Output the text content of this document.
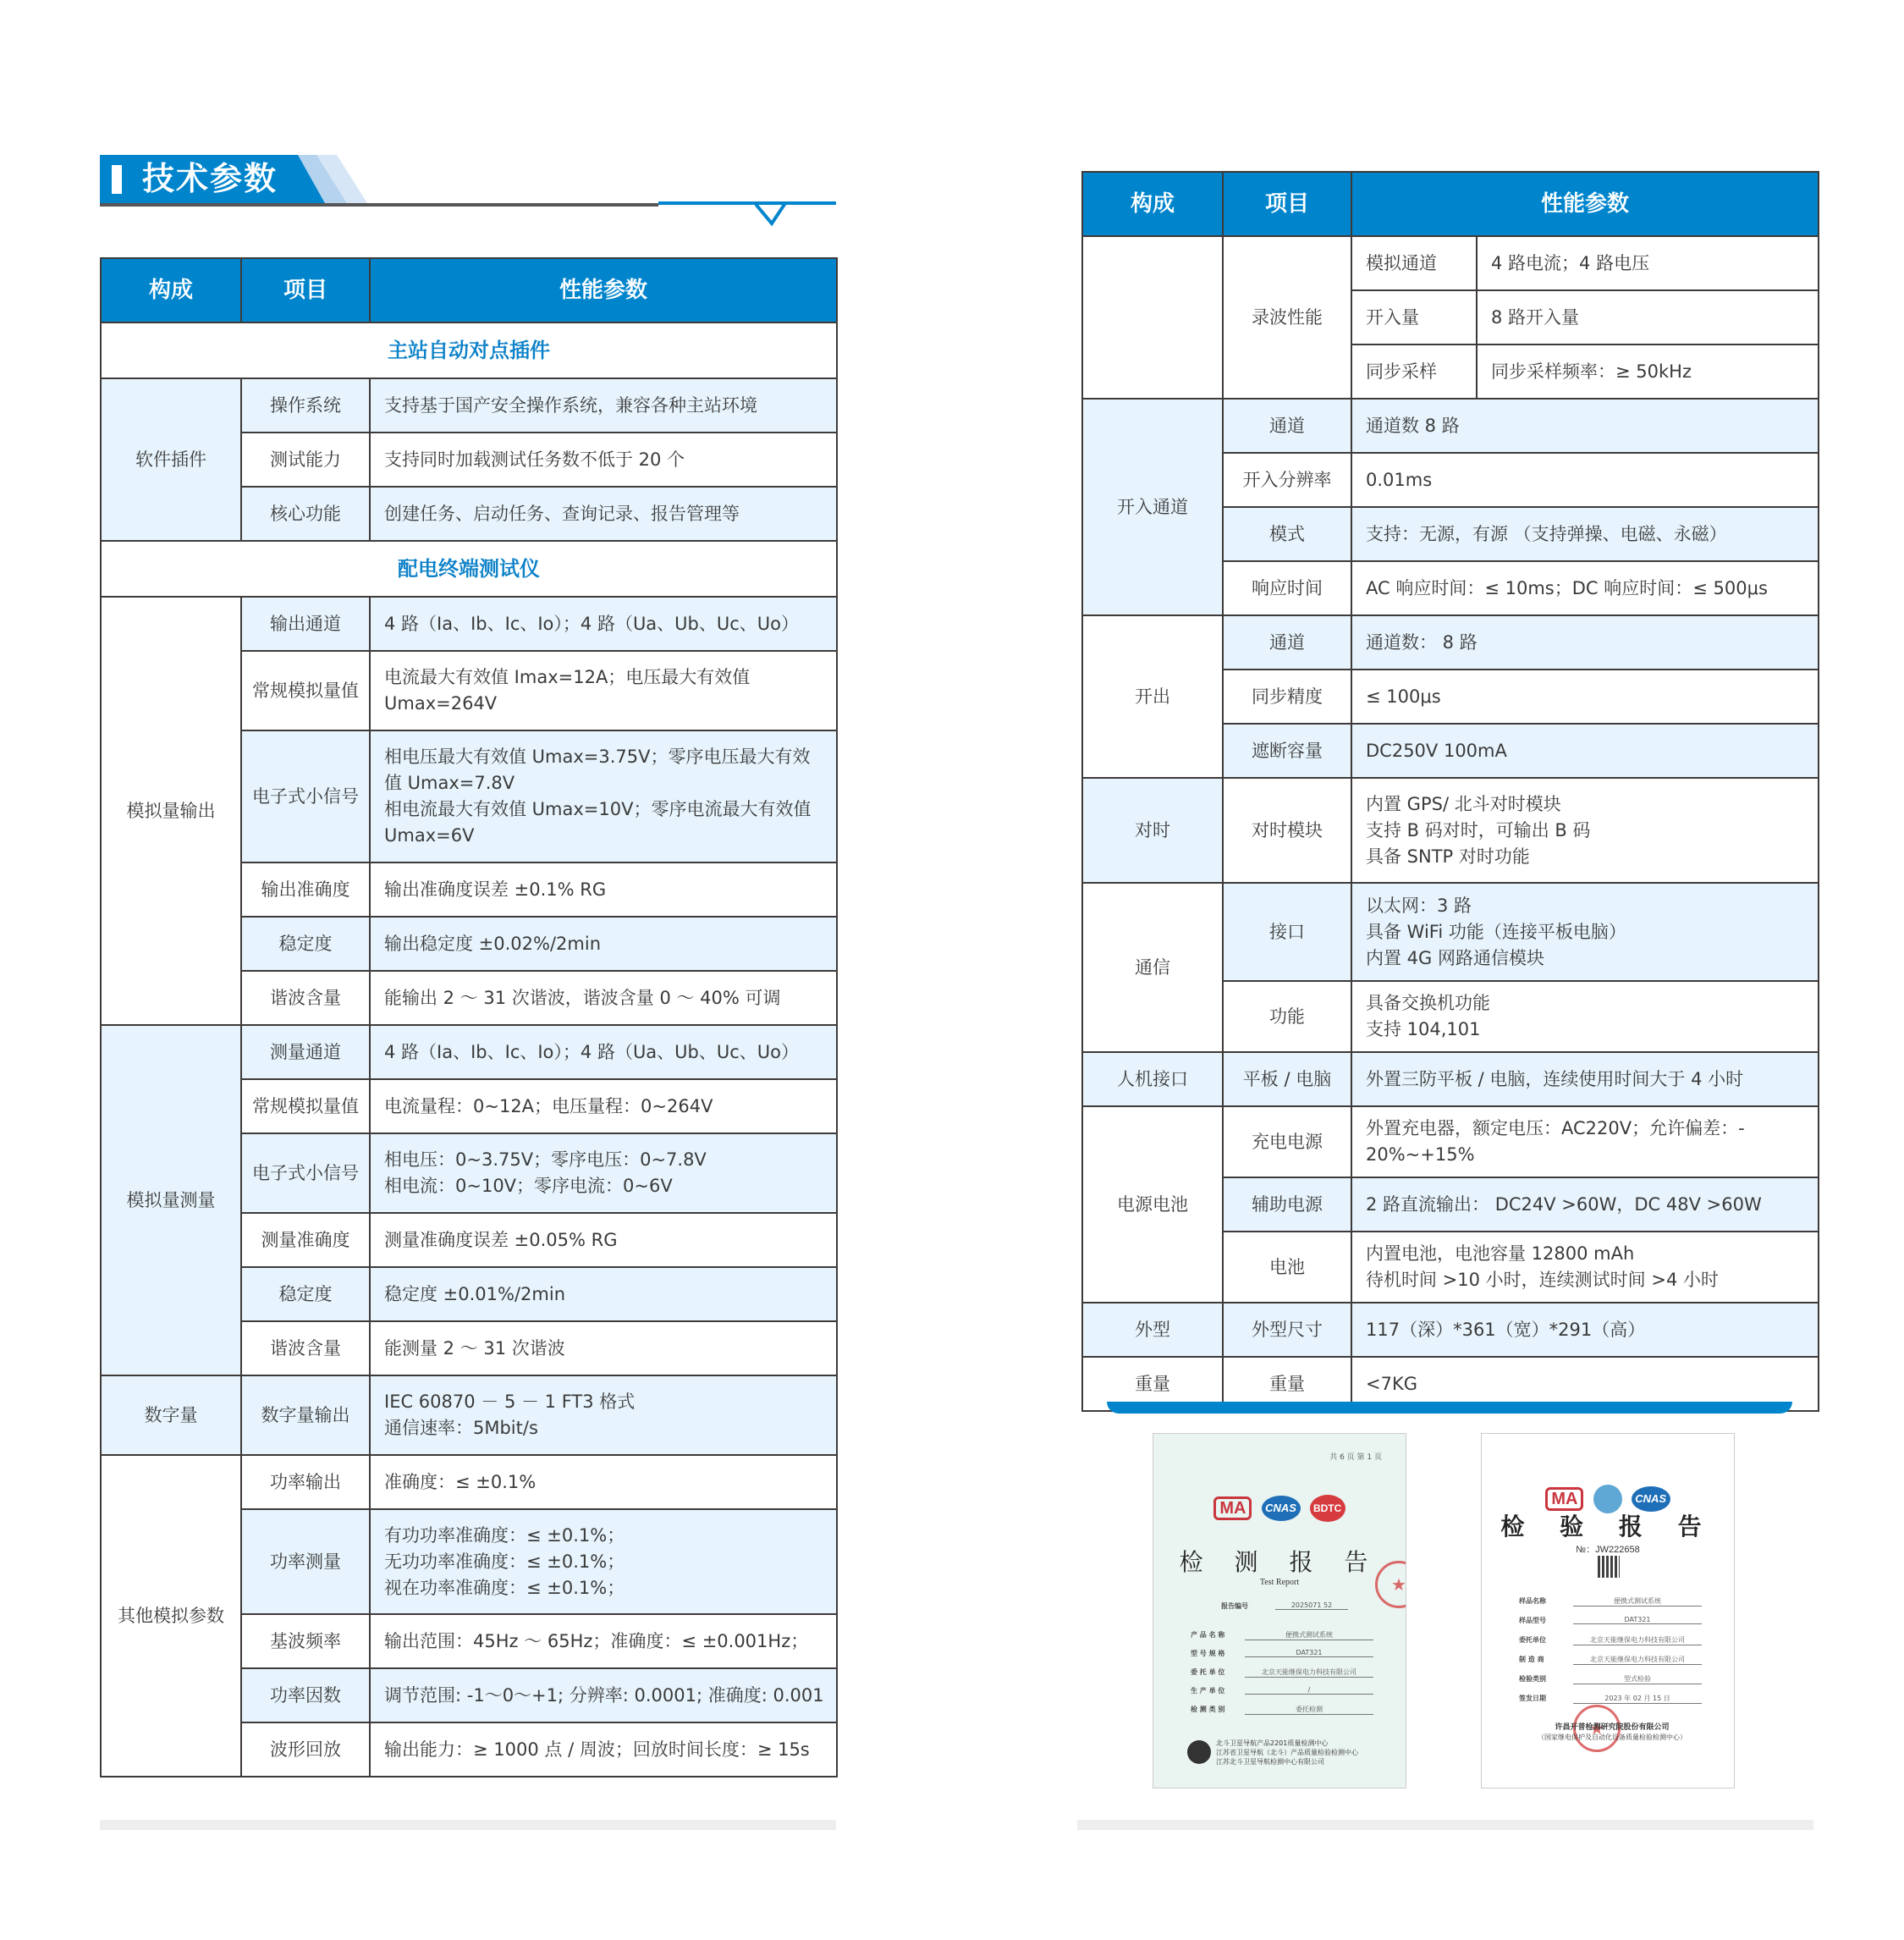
技术参数
构成	项目	性能参数
主站自动对点插件		
软件插件	操作系统	支持基于国产安全操作系统，兼容各种主站环境
	测试能力	支持同时加载测试任务数不低于 20 个
	核心功能	创建任务、启动任务、查询记录、报告管理等
配电终端测试仪		
模拟量输出	输出通道	4 路（Ia、Ib、Ic、Io）；4 路（Ua、Ub、Uc、Uo）
	常规模拟量值	电流最大有效值 Imax=12A；电压最大有效值
Umax=264V

	电子式小信号	相电压最大有效值 Umax=3.75V；零序电压最大有效
值 Umax=7.8V
相电流最大有效值 Umax=10V；零序电流最大有效值
Umax=6V

	输出准确度	输出准确度误差 ±0.1% RG
	稳定度	输出稳定度 ±0.02%/2min
	谐波含量	能输出 2 ～ 31 次谐波，谐波含量 0 ～ 40% 可调
模拟量测量	测量通道	4 路（Ia、Ib、Ic、Io）；4 路（Ua、Ub、Uc、Uo）
	常规模拟量值	电流量程：0~12A；电压量程：0~264V
	电子式小信号	相电压：0~3.75V；零序电压：0~7.8V
相电流：0~10V；零序电流：0~6V

	测量准确度	测量准确度误差 ±0.05% RG
	稳定度	稳定度 ±0.01%/2min
	谐波含量	能测量 2 ～ 31 次谐波
数字量	数字量输出	IEC 60870 － 5 － 1 FT3 格式
通信速率：5Mbit/s

其他模拟参数	功率输出	准确度：≤ ±0.1%
	功率测量	有功功率准确度：≤ ±0.1%；
无功功率准确度：≤ ±0.1%；
视在功率准确度：≤ ±0.1%；

	基波频率	输出范围：45Hz ～ 65Hz；准确度：≤ ±0.001Hz；
	功率因数	调节范围: -1～0～+1; 分辨率: 0.0001; 准确度: 0.001
	波形回放	输出能力：≥ 1000 点 / 周波；回放时间长度：≥ 15s
构成	项目	性能参数	
	录波性能	模拟通道	4 路电流；4 路电压
		开入量	8 路开入量
		同步采样	同步采样频率：≥ 50kHz
开入通道	通道	通道数 8 路	
	开入分辨率	0.01ms	
	模式	支持：无源，有源 （支持弹操、电磁、永磁）	
	响应时间	AC 响应时间：≤ 10ms；DC 响应时间：≤ 500μs	
开出	通道	通道数： 8 路	
	同步精度	≤ 100μs	
	遮断容量	DC250V 100mA	
对时	对时模块	内置 GPS/ 北斗对时模块
支持 B 码对时，可输出 B 码
具备 SNTP 对时功能	

通信	接口	以太网：3 路
具备 WiFi 功能（连接平板电脑）
内置 4G 网路通信模块	

	功能	具备交换机功能
支持 104,101	

人机接口	平板 / 电脑	外置三防平板 / 电脑，连续使用时间大于 4 小时	
电源电池	充电电源	外置充电器，额定电压：AC220V；允许偏差：-
20%~+15%	

	辅助电源	2 路直流输出： DC24V >60W，DC 48V >60W	
	电池	内置电池，电池容量 12800 mAh
待机时间 >10 小时，连续测试时间 >4 小时	

外型	外型尺寸	117（深）*361（宽）*291（高）	
重量	重量	<7KG	
共 6 页 第 1 页
MA CNAS BDTC
检 测 报 告
Test Report
报告编号	2025071 52
产 品 名 称	便携式测试系统
型 号 规 格	DAT321
委 托 单 位	北京天能继保电力科技有限公司
生 产 单 位	/
检 测 类 别	委托检测
北斗卫星导航产品2201质量检测中心
江苏省卫星导航（北斗）产品质量检验检测中心
江苏北斗卫星导航检测中心有限公司
★
MA	CNAS
检 验 报 告
№：JW222658
样品名称	便携式测试系统
样品型号	DAT321
委托单位	北京天能继保电力科技有限公司
制 造 商	北京天能继保电力科技有限公司
检验类别	型式检验
签发日期	2023 年 02 月 15 日
★
许昌开普检测研究院股份有限公司
（国家继电保护及自动化设备质量检验检测中心）
